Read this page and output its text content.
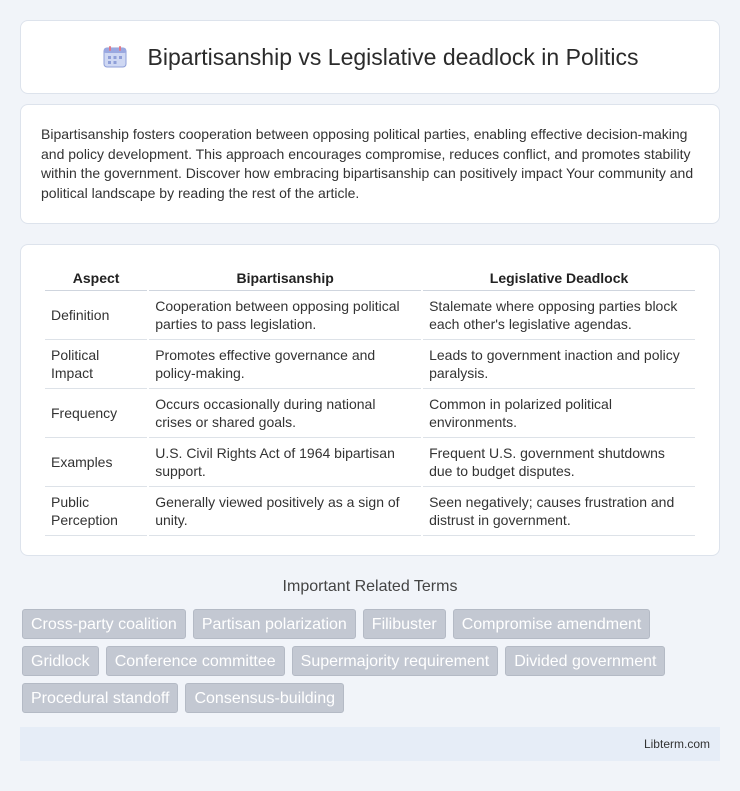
Bipartisanship vs Legislative deadlock in Politics

Bipartisanship fosters cooperation between opposing political parties, enabling effective decision-making and policy development. This approach encourages compromise, reduces conflict, and promotes stability within the government. Discover how embracing bipartisanship can positively impact Your community and political landscape by reading the rest of the article.

Aspect	Bipartisanship	Legislative Deadlock
Definition	Cooperation between opposing political parties to pass legislation.	Stalemate where opposing parties block each other's legislative agendas.
Political Impact	Promotes effective governance and policy-making.	Leads to government inaction and policy paralysis.
Frequency	Occurs occasionally during national crises or shared goals.	Common in polarized political environments.
Examples	U.S. Civil Rights Act of 1964 bipartisan support.	Frequent U.S. government shutdowns due to budget disputes.
Public Perception	Generally viewed positively as a sign of unity.	Seen negatively; causes frustration and distrust in government.
Important Related Terms
Cross-party coalition	Partisan polarization	Filibuster	Compromise amendment
Gridlock	Conference committee	Supermajority requirement	Divided government
Procedural standoff	Consensus-building
Libterm.com
